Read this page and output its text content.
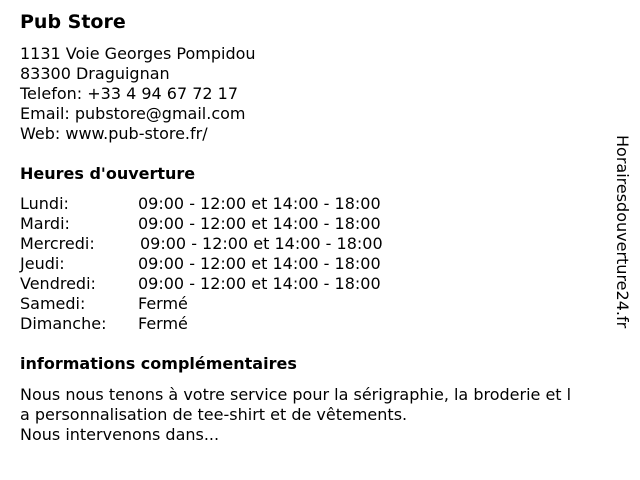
Pub Store
1131 Voie Georges Pompidou
83300 Draguignan
Telefon: +33 4 94 67 72 17
Email: pubstore@gmail.com
Web: www.pub-store.fr/
Heures d'ouverture
Lundi:	09:00 - 12:00 et 14:00 - 18:00
Mardi:	09:00 - 12:00 et 14:00 - 18:00
Mercredi:	09:00 - 12:00 et 14:00 - 18:00
Jeudi:	09:00 - 12:00 et 14:00 - 18:00
Vendredi:	09:00 - 12:00 et 14:00 - 18:00
Samedi:	Fermé
Dimanche: Fermé
informations complémentaires
Nous nous tenons à votre service pour la sérigraphie, la broderie et l
a personnalisation de tee-shirt et de vêtements.
Nous intervenons dans...
Horairesdouverture24.fr
